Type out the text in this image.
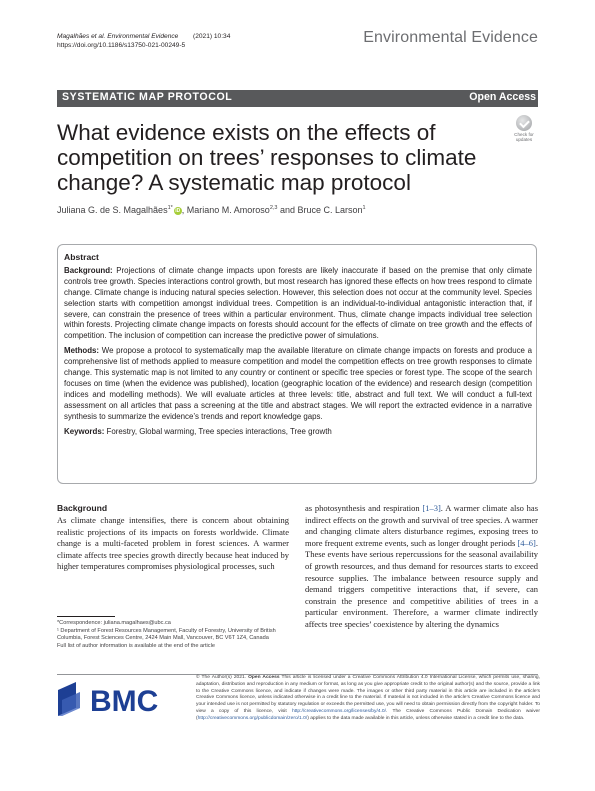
Magalhães et al. Environmental Evidence (2021) 10:34
https://doi.org/10.1186/s13750-021-00249-5	Environmental Evidence
SYSTEMATIC MAP PROTOCOL	Open Access
What evidence exists on the effects of competition on trees’ responses to climate change? A systematic map protocol
Check for updates
Juliana G. de S. Magalhães$^{1*}$ iD , Mariano M. Amoroso$^{2,3}$ and Bruce C. Larson$^1$
Abstract

Background: Projections of climate change impacts upon forests are likely inaccurate if based on the premise that only climate controls tree growth. Species interactions control growth, but most research has ignored these effects on how trees respond to climate change. Climate change is inducing natural species selection. However, this selection does not occur at the community level. Species selection starts with competition amongst individual trees. Competition is an individual-to-individual antagonistic interaction that, if severe, can constrain the presence of trees within a particular environment. Thus, climate change impacts individual tree selection within forests. Projecting climate change impacts on forests should account for the effects of climate on tree growth and the effects of competition. The inclusion of competition can increase the predictive power of simulations.

Methods: We propose a protocol to systematically map the available literature on climate change impacts on forests and produce a comprehensive list of methods applied to measure competition and model the competition effects on tree growth responses to climate change. This systematic map is not limited to any country or continent or specific tree species or forest type. The scope of the search focuses on time (when the evidence was published), location (geographic location of the evidence) and research design (competition indices and modelling methods). We will evaluate articles at three levels: title, abstract and full text. We will conduct a full-text assessment on all articles that pass a screening at the title and abstract stages. We will report the extracted evidence in a narrative synthesis to summarize the evidence’s trends and report knowledge gaps.

Keywords: Forestry, Global warming, Tree species interactions, Tree growth

Background

As climate change intensifies, there is concern about obtaining realistic projections of its impacts on forests worldwide. Climate change is a multi-faceted problem in forest sciences. A warmer climate affects tree species growth directly because heat induced by higher temperatures compromises physiological processes, such

as photosynthesis and respiration [1–3]. A warmer climate also has indirect effects on the growth and survival of tree species. A warmer and changing climate alters disturbance regimes, exposing trees to more frequent extreme events, such as longer drought periods [4–6]. These events have serious repercussions for the seasonal availability of growth resources, and thus demand for resources starts to exceed resource supplies. The imbalance between resource supply and demand triggers competitive interactions that, if severe, can constrain the presence and competitive abilities of trees in a particular environment. Therefore, a warmer climate indirectly affects tree species’ coexistence by altering the dynamics

*Correspondence: juliana.magalhaes@ubc.ca
¹ Department of Forest Resources Management, Faculty of Forestry, University of British Columbia, Forest Sciences Centre, 2424 Main Mall, Vancouver, BC V6T 1Z4, Canada
Full list of author information is available at the end of the article
BMC
© The Author(s) 2021. Open Access This article is licensed under a Creative Commons Attribution 4.0 International License, which permits use, sharing, adaptation, distribution and reproduction in any medium or format, as long as you give appropriate credit to the original author(s) and the source, provide a link to the Creative Commons licence, and indicate if changes were made. The images or other third party material in this article are included in the article’s Creative Commons licence, unless indicated otherwise in a credit line to the material. If material is not included in the article’s Creative Commons licence and your intended use is not permitted by statutory regulation or exceeds the permitted use, you will need to obtain permission directly from the copyright holder. To view a copy of this licence, visit http://creativecommons.org/licenses/by/4.0/. The Creative Commons Public Domain Dedication waiver (http://creativecommons.org/publicdomain/zero/1.0/) applies to the data made available in this article, unless otherwise stated in a credit line to the data.
